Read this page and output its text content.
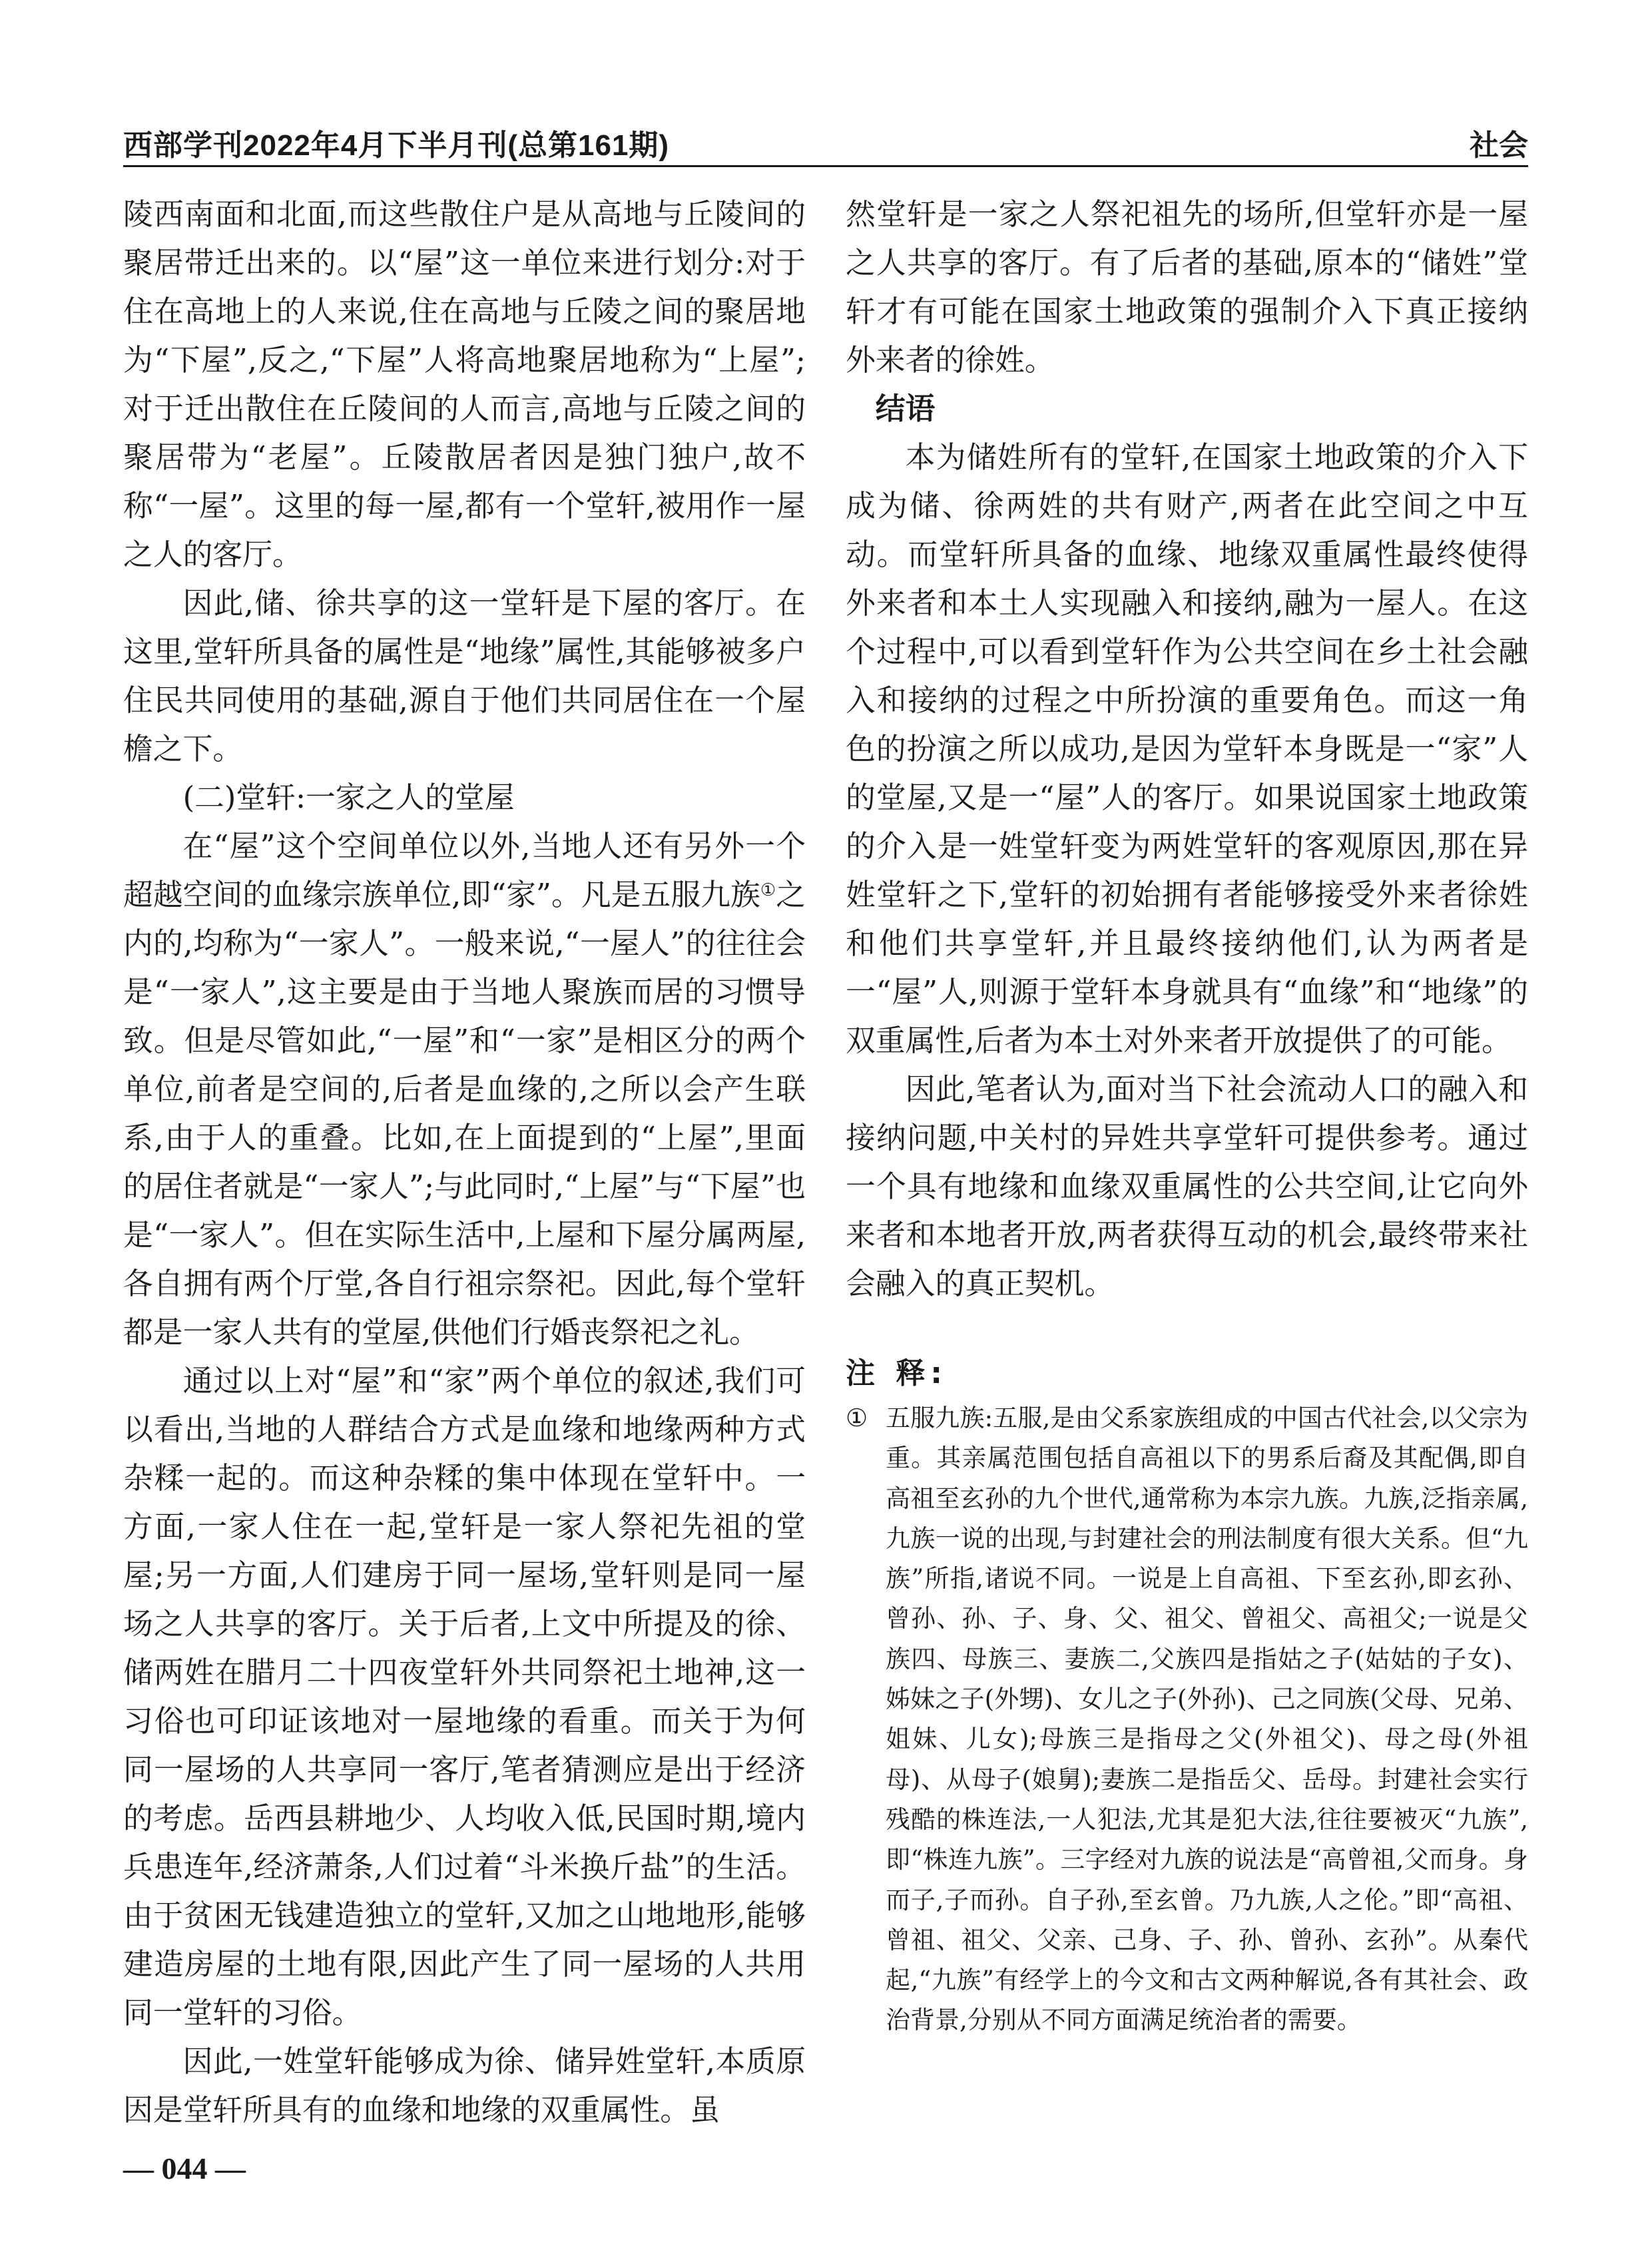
西部学刊2022年4月下半月刊(总第161期)	社会

陵西南面和北面,而这些散住户是从高地与丘陵间的聚居带迁出来的。以“屋”这一单位来进行划分:对于住在高地上的人来说,住在高地与丘陵之间的聚居地为“下屋”,反之,“下屋”人将高地聚居地称为“上屋”;对于迁出散住在丘陵间的人而言,高地与丘陵之间的聚居带为“老屋”。丘陵散居者因是独门独户,故不称“一屋”。这里的每一屋,都有一个堂轩,被用作一屋之人的客厅。

因此,储、徐共享的这一堂轩是下屋的客厅。在这里,堂轩所具备的属性是“地缘”属性,其能够被多户住民共同使用的基础,源自于他们共同居住在一个屋檐之下。

(二)堂轩:一家之人的堂屋

在“屋”这个空间单位以外,当地人还有另外一个超越空间的血缘宗族单位,即“家”。凡是五服九族①之内的,均称为“一家人”。一般来说,“一屋人”的往往会是“一家人”,这主要是由于当地人聚族而居的习惯导致。但是尽管如此,“一屋”和“一家”是相区分的两个单位,前者是空间的,后者是血缘的,之所以会产生联系,由于人的重叠。比如,在上面提到的“上屋”,里面的居住者就是“一家人”;与此同时,“上屋”与“下屋”也是“一家人”。但在实际生活中,上屋和下屋分属两屋,各自拥有两个厅堂,各自行祖宗祭祀。因此,每个堂轩都是一家人共有的堂屋,供他们行婚丧祭祀之礼。

通过以上对“屋”和“家”两个单位的叙述,我们可以看出,当地的人群结合方式是血缘和地缘两种方式杂糅一起的。而这种杂糅的集中体现在堂轩中。一方面,一家人住在一起,堂轩是一家人祭祀先祖的堂屋;另一方面,人们建房于同一屋场,堂轩则是同一屋场之人共享的客厅。关于后者,上文中所提及的徐、储两姓在腊月二十四夜堂轩外共同祭祀土地神,这一习俗也可印证该地对一屋地缘的看重。而关于为何同一屋场的人共享同一客厅,笔者猜测应是出于经济的考虑。岳西县耕地少、人均收入低,民国时期,境内兵患连年,经济萧条,人们过着“斗米换斤盐”的生活。由于贫困无钱建造独立的堂轩,又加之山地地形,能够建造房屋的土地有限,因此产生了同一屋场的人共用同一堂轩的习俗。

因此,一姓堂轩能够成为徐、储异姓堂轩,本质原因是堂轩所具有的血缘和地缘的双重属性。虽

然堂轩是一家之人祭祀祖先的场所,但堂轩亦是一屋之人共享的客厅。有了后者的基础,原本的“储姓”堂轩才有可能在国家土地政策的强制介入下真正接纳外来者的徐姓。

结语

本为储姓所有的堂轩,在国家土地政策的介入下成为储、徐两姓的共有财产,两者在此空间之中互动。而堂轩所具备的血缘、地缘双重属性最终使得外来者和本土人实现融入和接纳,融为一屋人。在这个过程中,可以看到堂轩作为公共空间在乡土社会融入和接纳的过程之中所扮演的重要角色。而这一角色的扮演之所以成功,是因为堂轩本身既是一“家”人的堂屋,又是一“屋”人的客厅。如果说国家土地政策的介入是一姓堂轩变为两姓堂轩的客观原因,那在异姓堂轩之下,堂轩的初始拥有者能够接受外来者徐姓和他们共享堂轩,并且最终接纳他们,认为两者是一“屋”人,则源于堂轩本身就具有“血缘”和“地缘”的双重属性,后者为本土对外来者开放提供了的可能。

因此,笔者认为,面对当下社会流动人口的融入和接纳问题,中关村的异姓共享堂轩可提供参考。通过一个具有地缘和血缘双重属性的公共空间,让它向外来者和本地者开放,两者获得互动的机会,最终带来社会融入的真正契机。

注 释:

① 五服九族:五服,是由父系家族组成的中国古代社会,以父宗为重。其亲属范围包括自高祖以下的男系后裔及其配偶,即自高祖至玄孙的九个世代,通常称为本宗九族。九族,泛指亲属,九族一说的出现,与封建社会的刑法制度有很大关系。但“九族”所指,诸说不同。一说是上自高祖、下至玄孙,即玄孙、曾孙、孙、子、身、父、祖父、曾祖父、高祖父;一说是父族四、母族三、妻族二,父族四是指姑之子(姑姑的子女)、姊妹之子(外甥)、女儿之子(外孙)、己之同族(父母、兄弟、姐妹、儿女);母族三是指母之父(外祖父)、母之母(外祖母)、从母子(娘舅);妻族二是指岳父、岳母。封建社会实行残酷的株连法,一人犯法,尤其是犯大法,往往要被灭“九族”,即“株连九族”。三字经对九族的说法是“高曾祖,父而身。身而子,子而孙。自子孙,至玄曾。乃九族,人之伦。”即“高祖、曾祖、祖父、父亲、己身、子、孙、曾孙、玄孙”。从秦代起,“九族”有经学上的今文和古文两种解说,各有其社会、政治背景,分别从不同方面满足统治者的需要。

— 044 —
